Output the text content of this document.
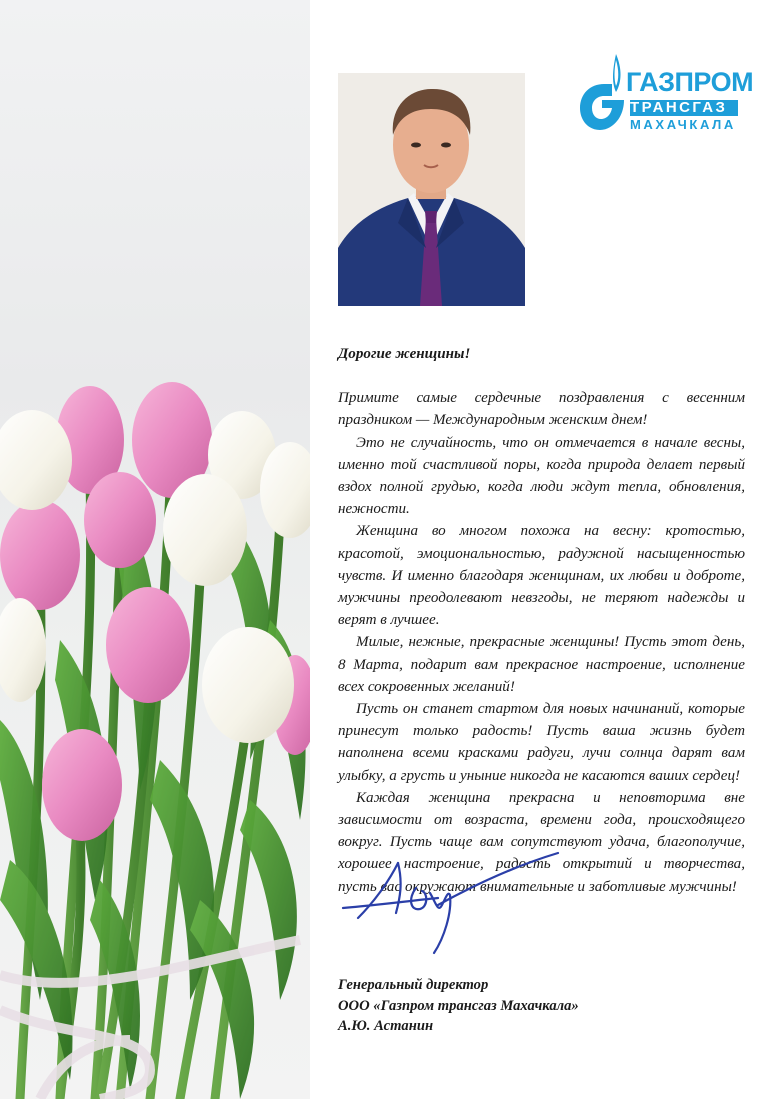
ГАЗПРОМ
ТРАНСГАЗ
МАХАЧКАЛА

Дорогие женщины!

Примите самые сердечные поздравления с весенним праздником — Международным женским днем!

Это не случайность, что он отмечается в начале весны, именно той счастливой поры, когда природа делает первый вздох полной грудью, когда люди ждут тепла, обновления, нежности.

Женщина во многом похожа на весну: кротостью, красотой, эмоциональностью, радужной насыщенностью чувств. И именно благодаря женщинам, их любви и доброте, мужчины преодолевают невзгоды, не теряют надежды и верят в лучшее.

Милые, нежные, прекрасные женщины! Пусть этот день, 8 Марта, подарит вам прекрасное настроение, исполнение всех сокровенных желаний!

Пусть он станет стартом для новых начинаний, которые принесут только радость! Пусть ваша жизнь будет наполнена всеми красками радуги, лучи солнца дарят вам улыбку, а грусть и уныние никогда не касаются ваших сердец!

Каждая женщина прекрасна и неповторима вне зависимости от возраста, времени года, происходящего вокруг. Пусть чаще вам сопутствуют удача, благополучие, хорошее настроение, радость открытий и творчества, пусть вас окружают внимательные и заботливые мужчины!

Генеральный директор
ООО «Газпром трансгаз Махачкала»
А.Ю. Астанин
